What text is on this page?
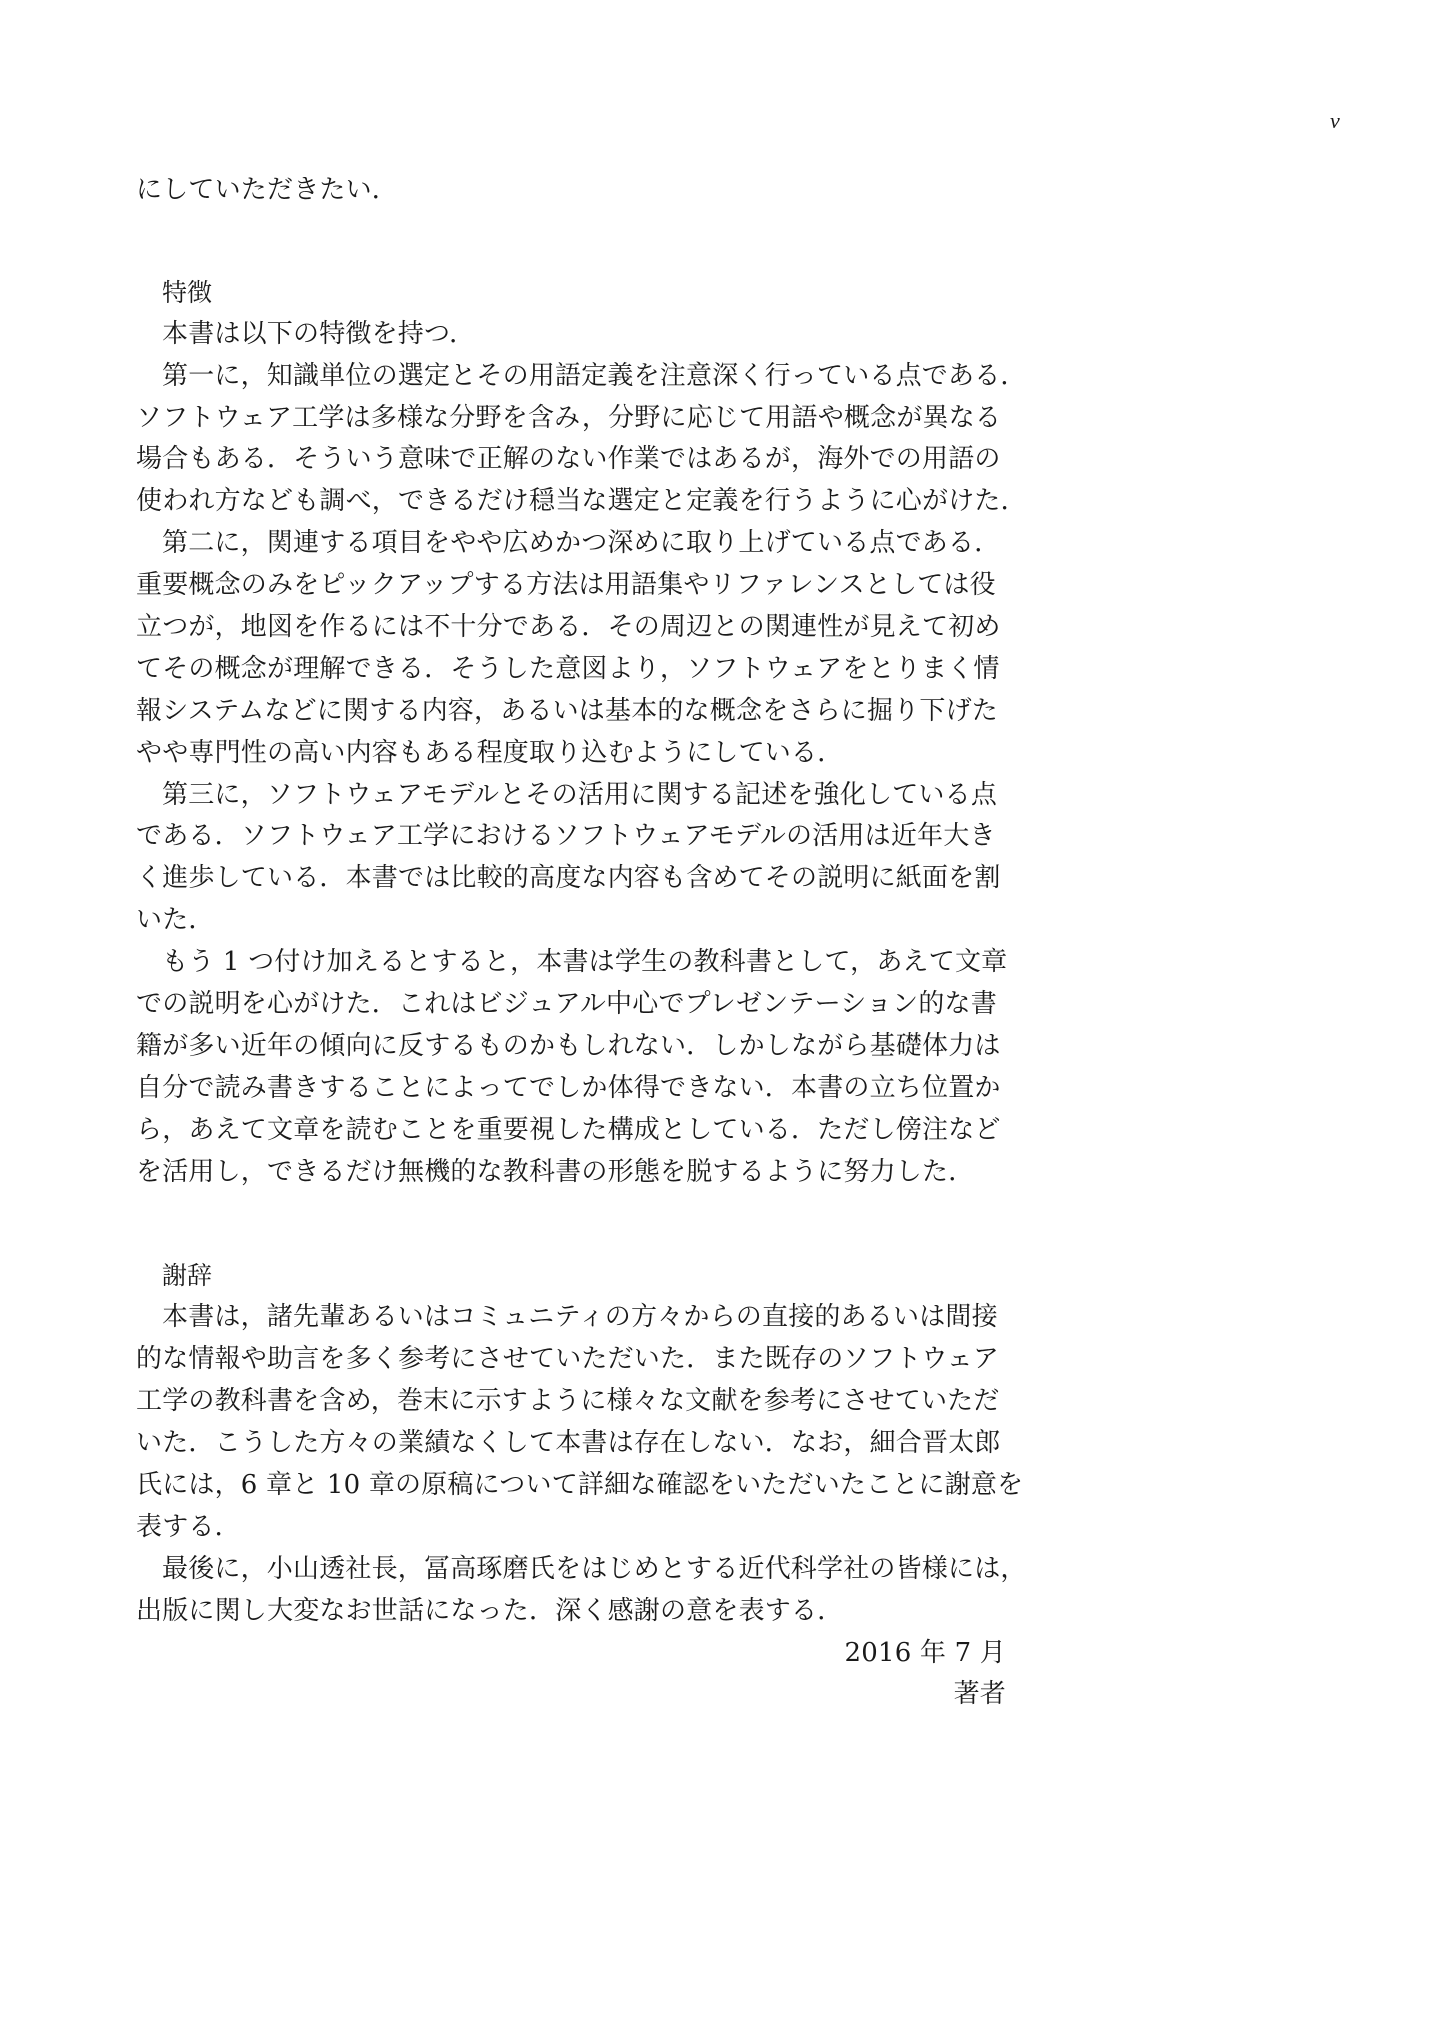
v
にしていただきたい．
特徴
本書は以下の特徴を持つ．
第一に，知識単位の選定とその用語定義を注意深く行っている点である．
ソフトウェア工学は多様な分野を含み，分野に応じて用語や概念が異なる
場合もある．そういう意味で正解のない作業ではあるが，海外での用語の
使われ方なども調べ，できるだけ穏当な選定と定義を行うように心がけた．
第二に，関連する項目をやや広めかつ深めに取り上げている点である．
重要概念のみをピックアップする方法は用語集やリファレンスとしては役
立つが，地図を作るには不十分である．その周辺との関連性が見えて初め
てその概念が理解できる．そうした意図より，ソフトウェアをとりまく情
報システムなどに関する内容，あるいは基本的な概念をさらに掘り下げた
やや専門性の高い内容もある程度取り込むようにしている．
第三に，ソフトウェアモデルとその活用に関する記述を強化している点
である．ソフトウェア工学におけるソフトウェアモデルの活用は近年大き
く進歩している．本書では比較的高度な内容も含めてその説明に紙面を割
いた．
もう 1 つ付け加えるとすると，本書は学生の教科書として，あえて文章
での説明を心がけた．これはビジュアル中心でプレゼンテーション的な書
籍が多い近年の傾向に反するものかもしれない．しかしながら基礎体力は
自分で読み書きすることによってでしか体得できない．本書の立ち位置か
ら，あえて文章を読むことを重要視した構成としている．ただし傍注など
を活用し，できるだけ無機的な教科書の形態を脱するように努力した．
謝辞
本書は，諸先輩あるいはコミュニティの方々からの直接的あるいは間接
的な情報や助言を多く参考にさせていただいた．また既存のソフトウェア
工学の教科書を含め，巻末に示すように様々な文献を参考にさせていただ
いた．こうした方々の業績なくして本書は存在しない．なお，細合晋太郎
氏には，6 章と 10 章の原稿について詳細な確認をいただいたことに謝意を
表する．
最後に，小山透社長，冨高琢磨氏をはじめとする近代科学社の皆様には，
出版に関し大変なお世話になった．深く感謝の意を表する．
2016 年 7 月
著者
